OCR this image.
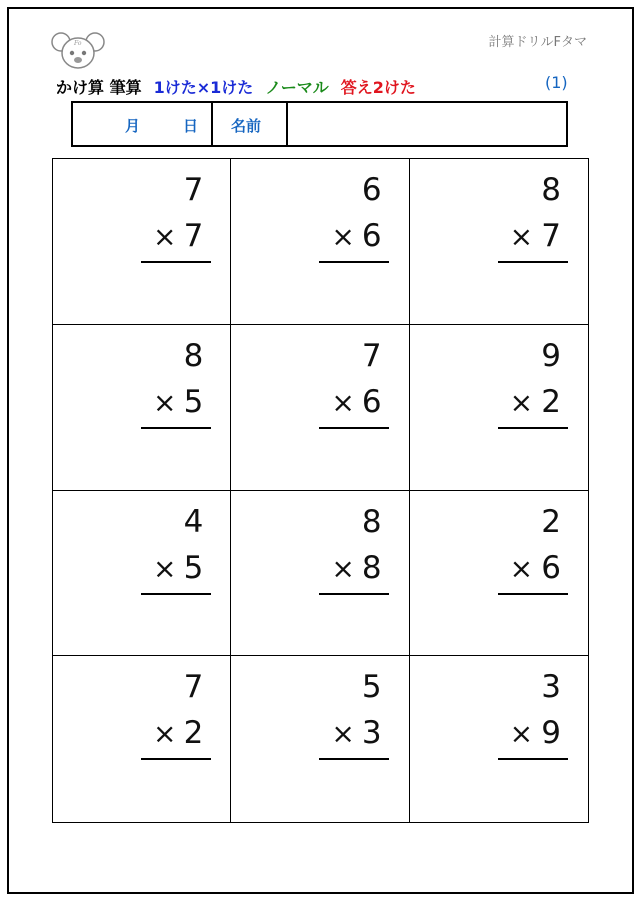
Fo	計算ドリルFタマ
かけ算 筆算 1けた×1けた ノーマル 答え2けた	(1)
月	日 名前
7
× 7
6
× 6
8
× 7
8
× 5
7
× 6
9
× 2
4
× 5
8
× 8
2
× 6
7
× 2
5
× 3
3
× 9
